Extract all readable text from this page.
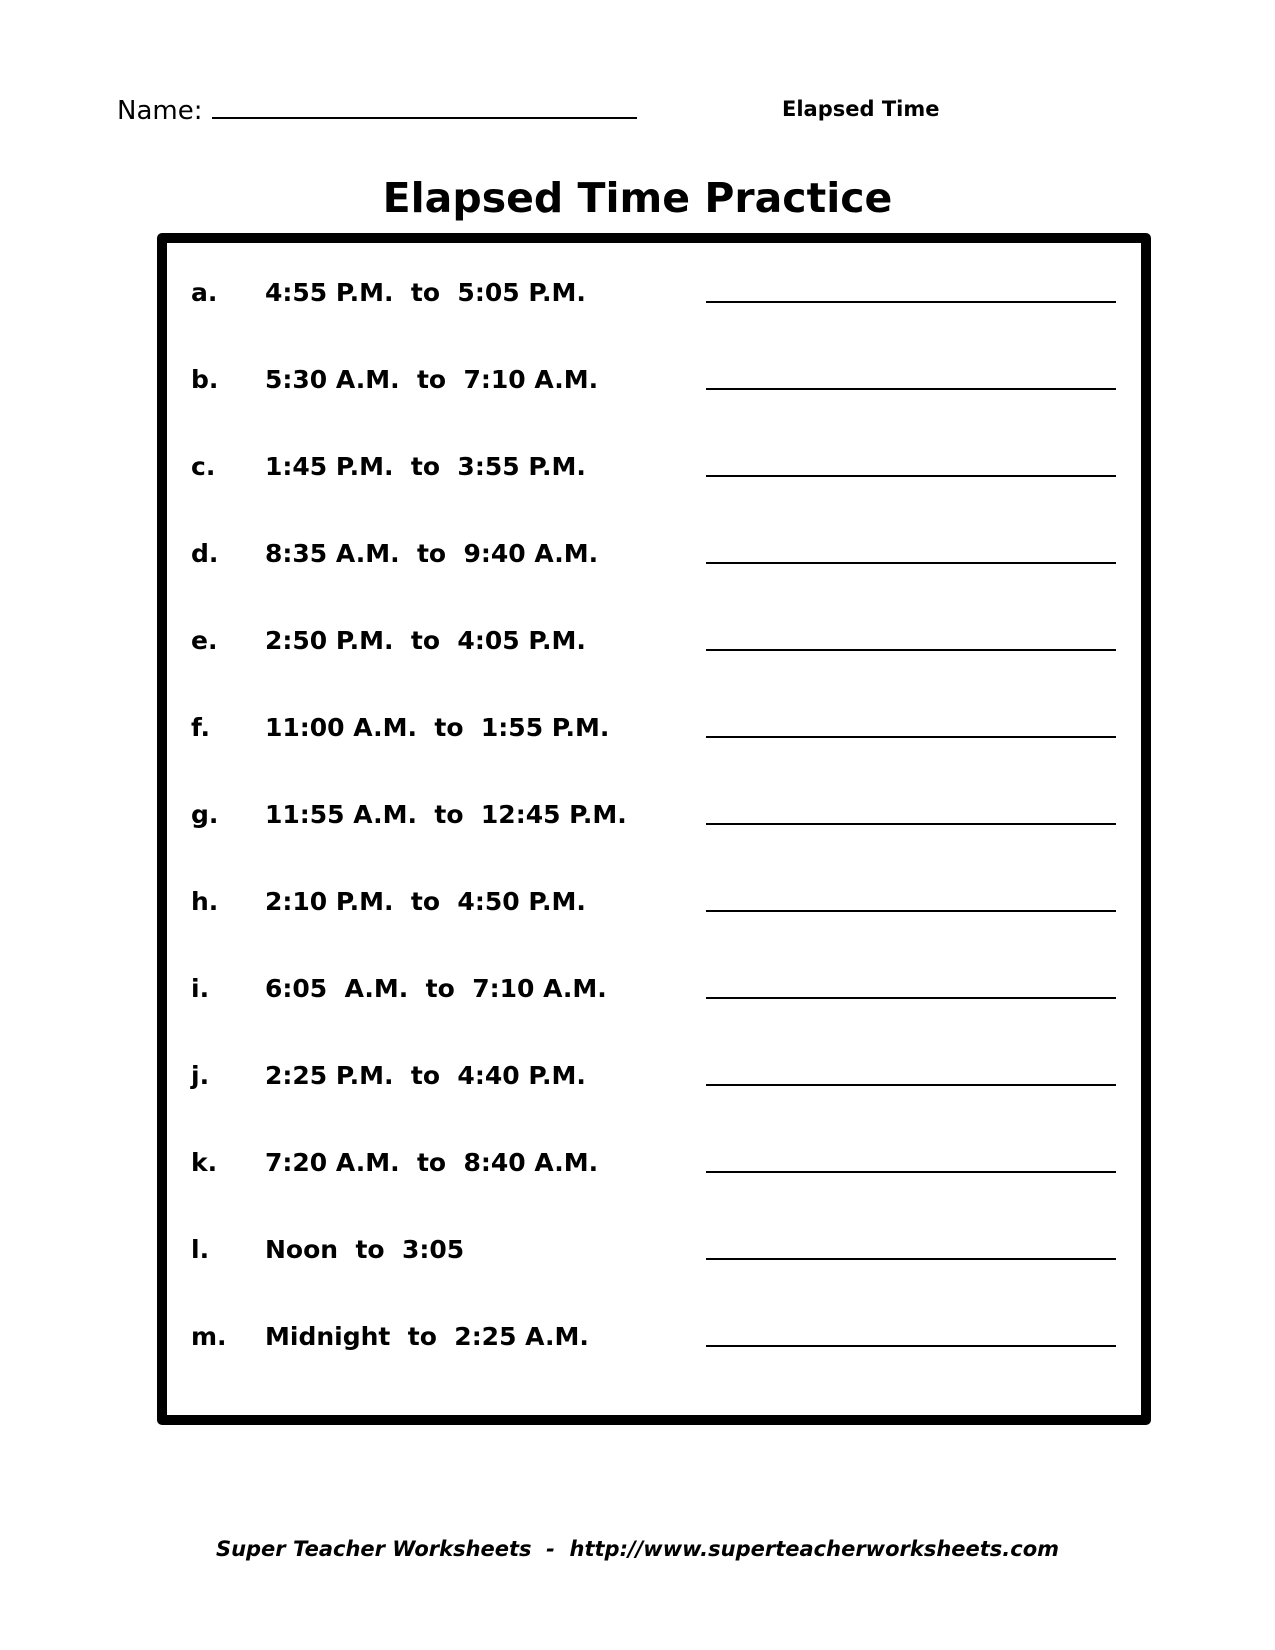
Name:	Elapsed Time
Elapsed Time Practice
a. 4:55 P.M.  to  5:05 P.M.
b. 5:30 A.M.  to  7:10 A.M.
c. 1:45 P.M.  to  3:55 P.M.
d. 8:35 A.M.  to  9:40 A.M.
e. 2:50 P.M.  to  4:05 P.M.
f. 11:00 A.M.  to  1:55 P.M.
g. 11:55 A.M.  to  12:45 P.M.
h. 2:10 P.M.  to  4:50 P.M.
i. 6:05  A.M.  to  7:10 A.M.
j. 2:25 P.M.  to  4:40 P.M.
k. 7:20 A.M.  to  8:40 A.M.
l. Noon  to  3:05
m. Midnight  to  2:25 A.M.
Super Teacher Worksheets  -  http://www.superteacherworksheets.com
